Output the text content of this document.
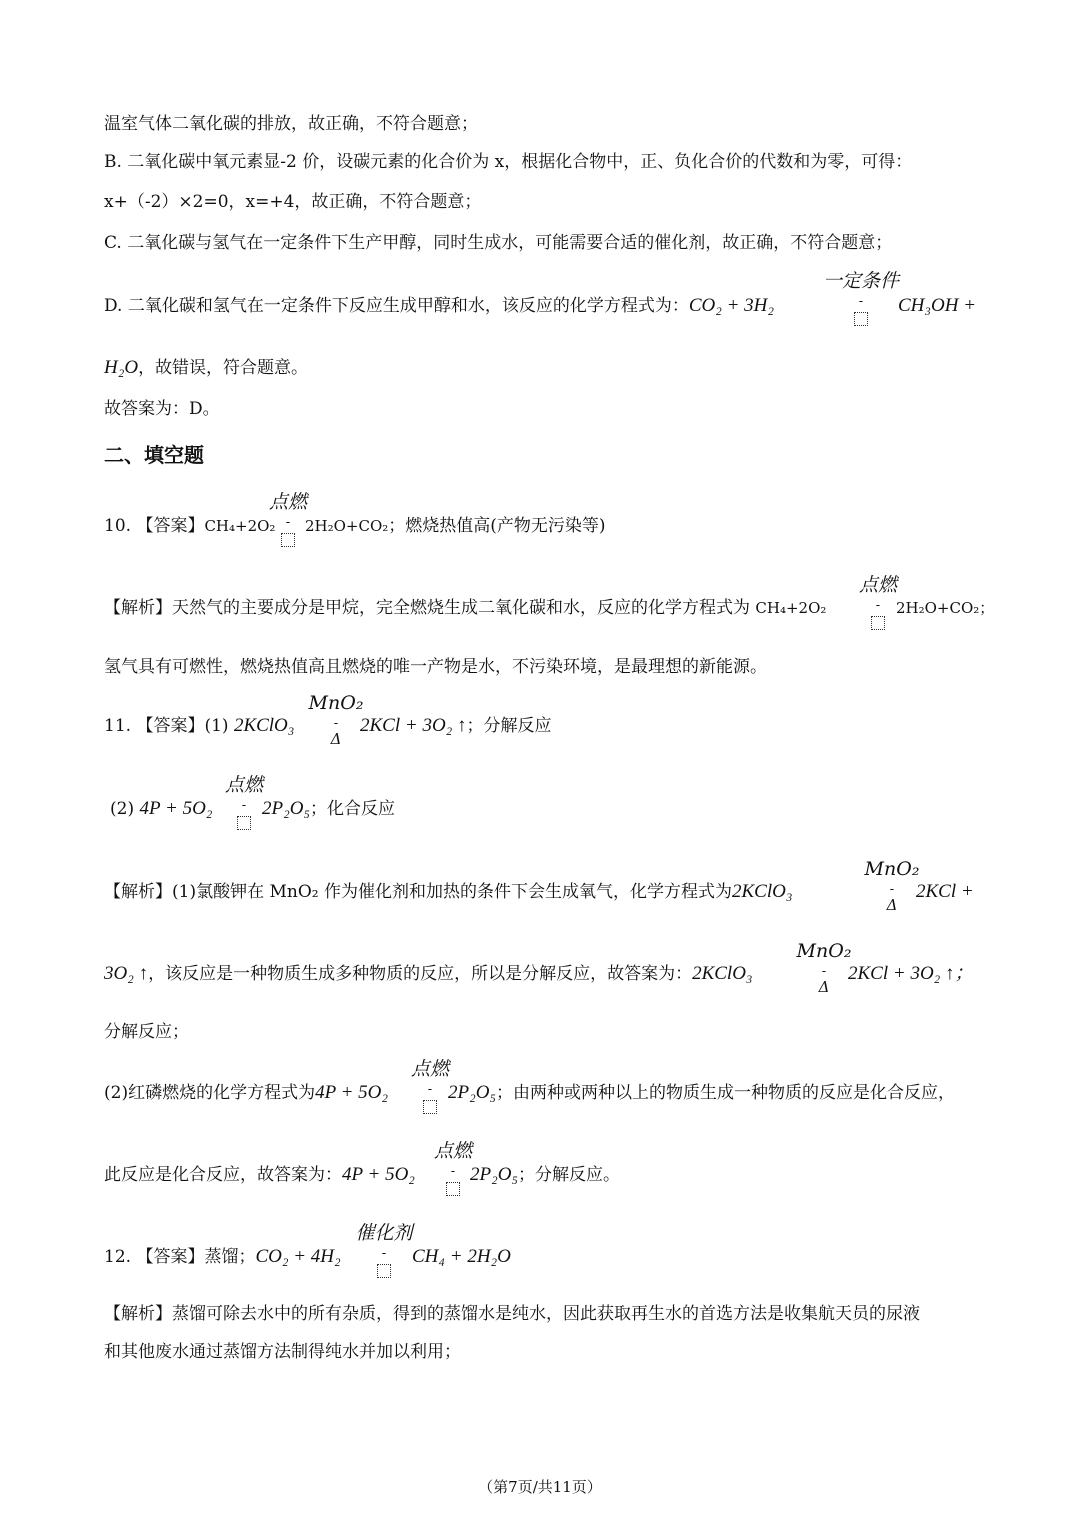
温室气体二氧化碳的排放，故正确，不符合题意；
B. 二氧化碳中氧元素显-2 价，设碳元素的化合价为 x，根据化合物中，正、负化合价的代数和为零，可得：
x+（-2）×2=0，x=+4，故正确，不符合题意；
C. 二氧化碳与氢气在一定条件下生产甲醇，同时生成水，可能需要合适的催化剂，故正确，不符合题意；
D. 二氧化碳和氢气在一定条件下反应生成甲醇和水，该反应的化学方程式为：CO₂ + 3H₂
一定条件
-	CH₃OH +
H₂O，故错误，符合题意。
故答案为：D。
二、填空题
10. 【答案】CH₄+2O₂
点燃
- 2H₂O+CO₂；燃烧热值高(产物无污染等)
【解析】天然气的主要成分是甲烷，完全燃烧生成二氧化碳和水，反应的化学方程式为 CH₄+2O₂
点燃
-	2H₂O+CO₂；
氢气具有可燃性，燃烧热值高且燃烧的唯一产物是水，不污染环境，是最理想的新能源。
11. 【答案】(1) 2KClO₃
MnO₂
-
Δ
2KCl + 3O₂ ↑；分解反应
(2) 4P + 5O₂
点燃
- 2P₂O₅；化合反应
【解析】(1)氯酸钾在 MnO₂ 作为催化剂和加热的条件下会生成氧气，化学方程式为2KClO₃
MnO₂
-
Δ
2KCl +
3O₂ ↑，该反应是一种物质生成多种物质的反应，所以是分解反应，故答案为：2KClO₃
MnO₂
-
Δ
2KCl + 3O₂ ↑；
分解反应；
(2)红磷燃烧的化学方程式为4P + 5O₂
点燃
- 2P₂O₅；由两种或两种以上的物质生成一种物质的反应是化合反应，
此反应是化合反应，故答案为：4P + 5O₂
点燃
- 2P₂O₅；分解反应。
12. 【答案】蒸馏；CO₂ + 4H₂
催化剂
-	CH₄ + 2H₂O
【解析】蒸馏可除去水中的所有杂质，得到的蒸馏水是纯水，因此获取再生水的首选方法是收集航天员的尿液
和其他废水通过蒸馏方法制得纯水并加以利用；
（第7页/共11页）
